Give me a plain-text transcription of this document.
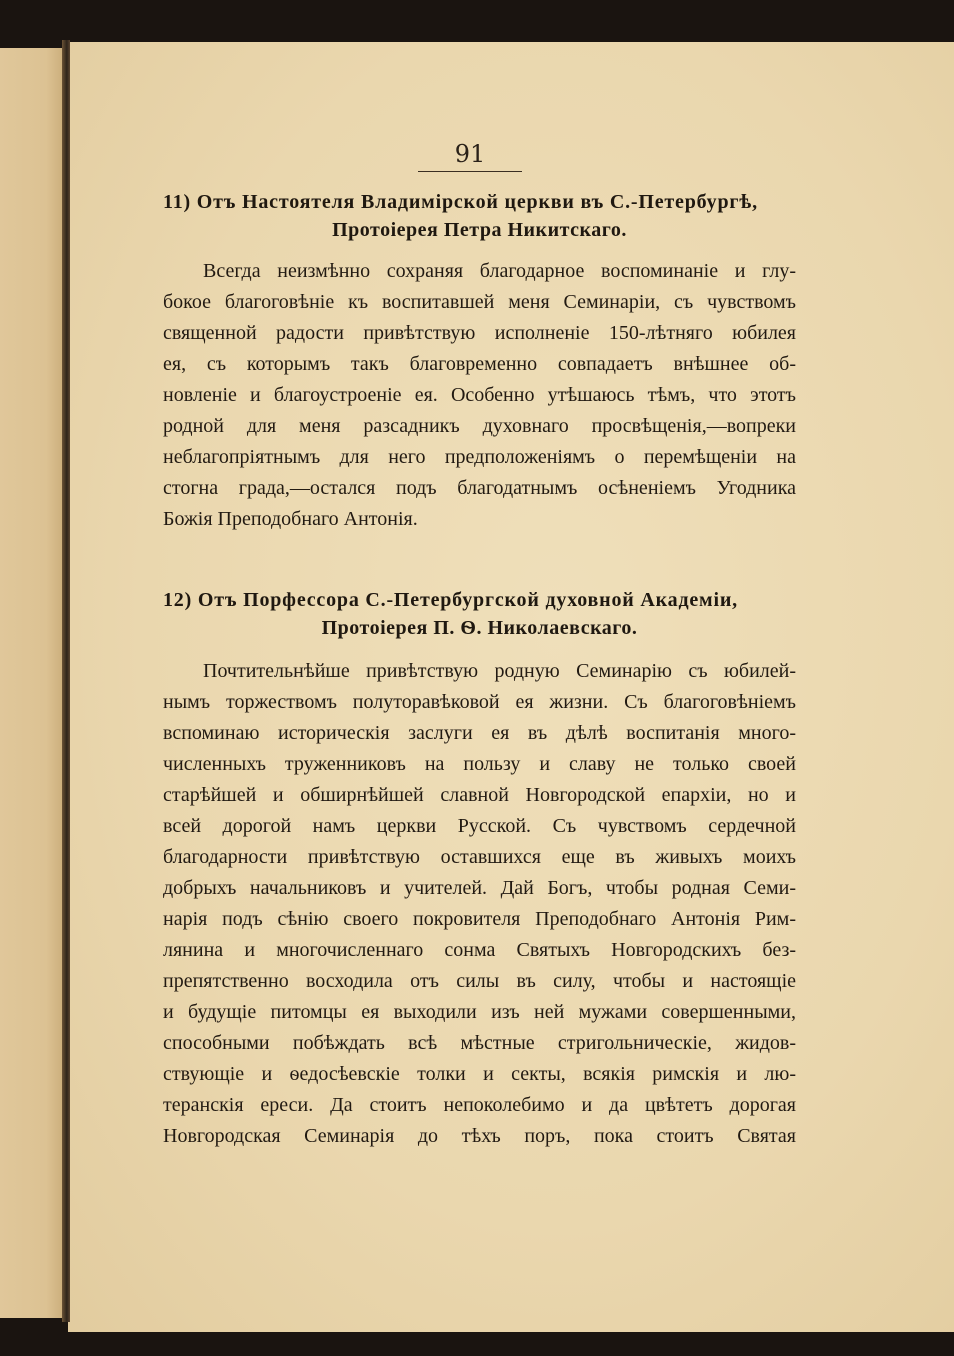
91
11) Отъ Настоятеля Владимірской церкви въ С.-Петербургѣ,
Протоіерея Петра Никитскаго.
Всегда неизмѣнно сохраняя благодарное воспоминаніе и глу-
бокое благоговѣніе къ воспитавшей меня Семинаріи, съ чувствомъ
священной радости привѣтствую исполненіе 150-лѣтняго юбилея
ея, съ которымъ такъ благовременно совпадаетъ внѣшнее об-
новленіе и благоустроеніе ея. Особенно утѣшаюсь тѣмъ, что этотъ
родной для меня разсадникъ духовнаго просвѣщенія,—вопреки
неблагопріятнымъ для него предположеніямъ о перемѣщеніи на
стогна града,—остался подъ благодатнымъ осѣненіемъ Угодника
Божія Преподобнаго Антонія.
12) Отъ Порфессора С.-Петербургской духовной Академіи,
Протоіерея П. Ѳ. Николаевскаго.
Почтительнѣйше привѣтствую родную Семинарію съ юбилей-
нымъ торжествомъ полуторавѣковой ея жизни. Съ благоговѣніемъ
вспоминаю историческія заслуги ея въ дѣлѣ воспитанія много-
численныхъ труженниковъ на пользу и славу не только своей
старѣйшей и обширнѣйшей славной Новгородской епархіи, но и
всей дорогой намъ церкви Русской. Съ чувствомъ сердечной
благодарности привѣтствую оставшихся еще въ живыхъ моихъ
добрыхъ начальниковъ и учителей. Дай Богъ, чтобы родная Семи-
нарія подъ сѣнію своего покровителя Преподобнаго Антонія Рим-
лянина и многочисленнаго сонма Святыхъ Новгородскихъ без-
препятственно восходила отъ силы въ силу, чтобы и настоящіе
и будущіе питомцы ея выходили изъ ней мужами совершенными,
способными побѣждать всѣ мѣстные стригольническіе, жидов-
ствующіе и ѳедосѣевскіе толки и секты, всякія римскія и лю-
теранскія ереси. Да стоитъ непоколебимо и да цвѣтетъ дорогая
Новгородская Семинарія до тѣхъ поръ, пока стоитъ Святая
